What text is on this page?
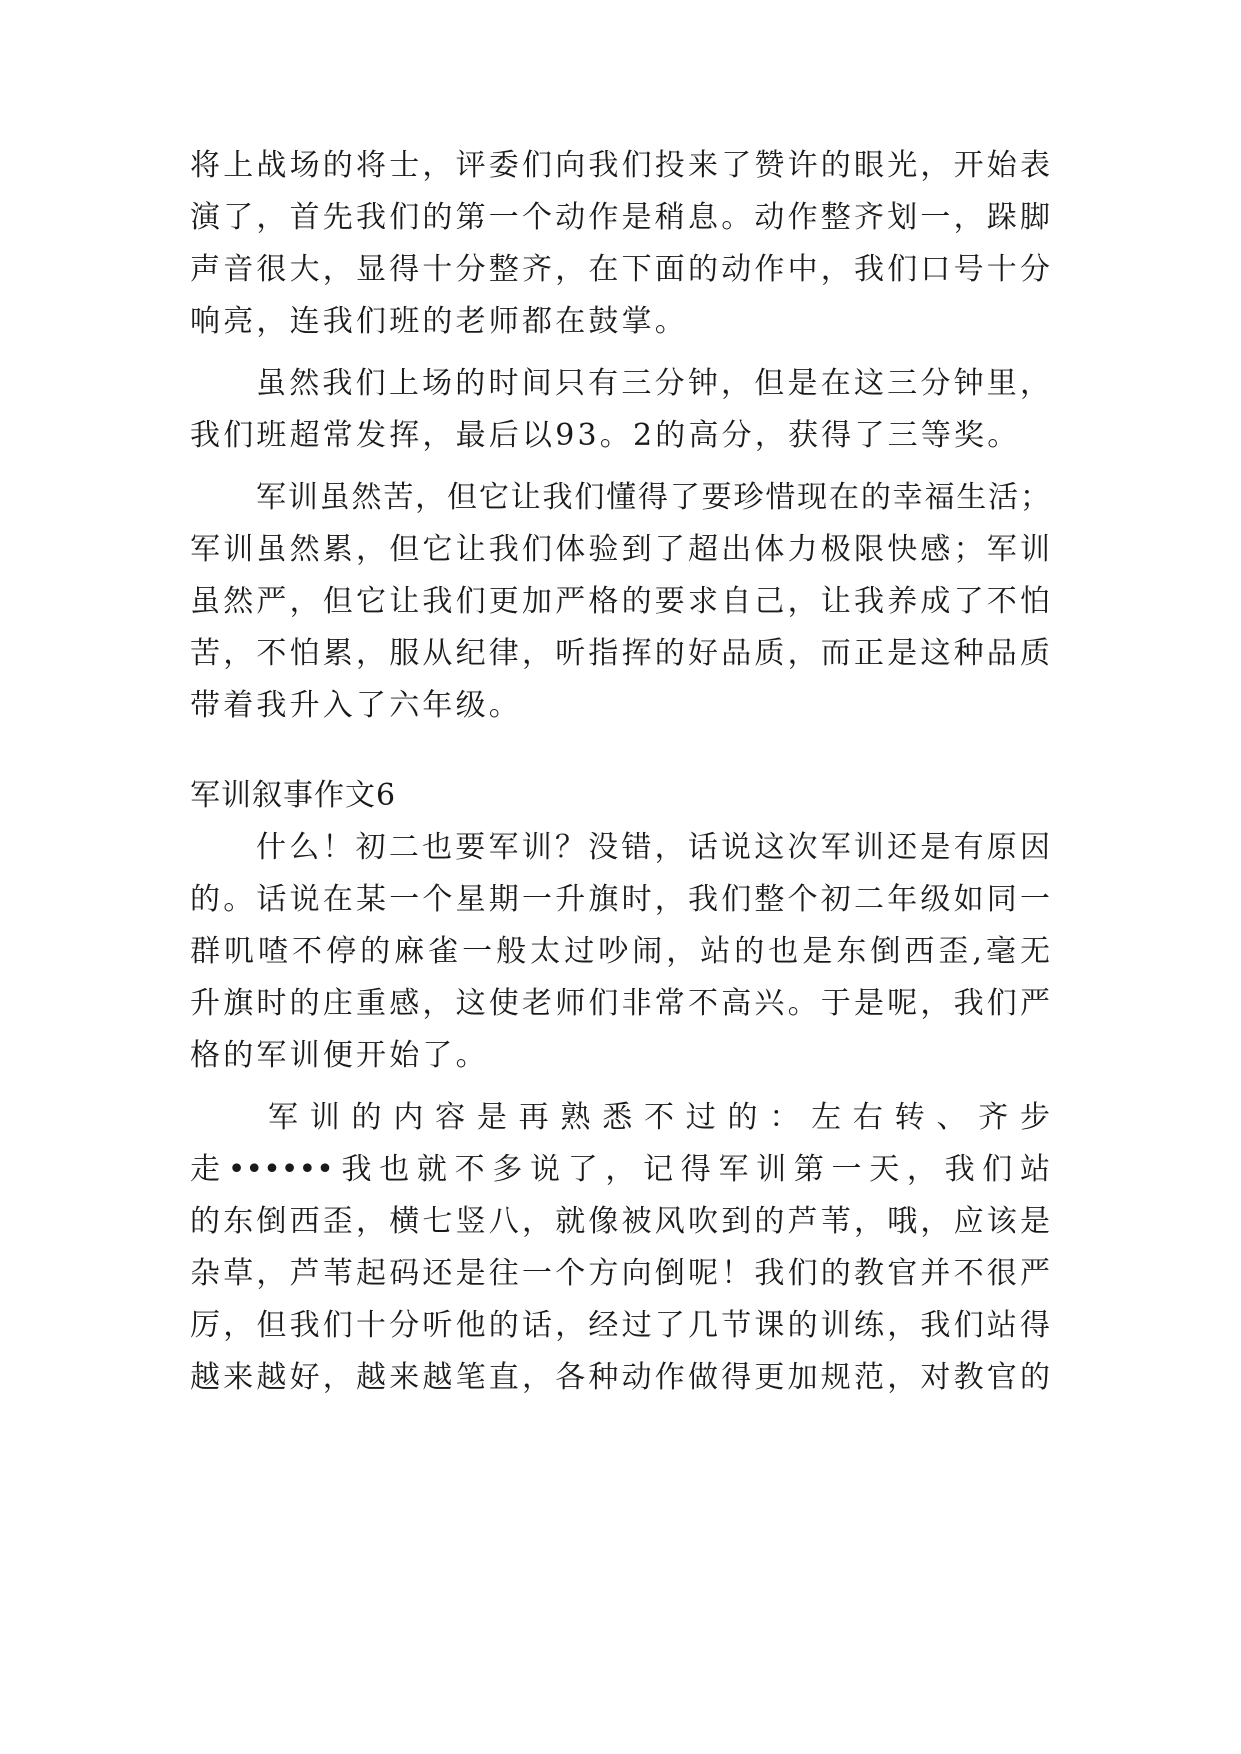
将上战场的将士，评委们向我们投来了赞许的眼光，开始表
演了，首先我们的第一个动作是稍息。动作整齐划一，跺脚
声音很大，显得十分整齐，在下面的动作中，我们口号十分
响亮，连我们班的老师都在鼓掌。
虽然我们上场的时间只有三分钟，但是在这三分钟里，
我们班超常发挥，最后以93。2的高分，获得了三等奖。
军训虽然苦，但它让我们懂得了要珍惜现在的幸福生活；
军训虽然累，但它让我们体验到了超出体力极限快感；军训
虽然严，但它让我们更加严格的要求自己，让我养成了不怕
苦，不怕累，服从纪律，听指挥的好品质，而正是这种品质
带着我升入了六年级。
军训叙事作文6
什么！初二也要军训？没错，话说这次军训还是有原因
的。话说在某一个星期一升旗时，我们整个初二年级如同一
群叽喳不停的麻雀一般太过吵闹，站的也是东倒西歪,毫无
升旗时的庄重感，这使老师们非常不高兴。于是呢，我们严
格的军训便开始了。
军训的内容是再熟悉不过的：左右转、齐步
走••••••我也就不多说了，记得军训第一天，我们站
的东倒西歪，横七竖八，就像被风吹到的芦苇，哦，应该是
杂草，芦苇起码还是往一个方向倒呢！我们的教官并不很严
厉，但我们十分听他的话，经过了几节课的训练，我们站得
越来越好，越来越笔直，各种动作做得更加规范，对教官的
